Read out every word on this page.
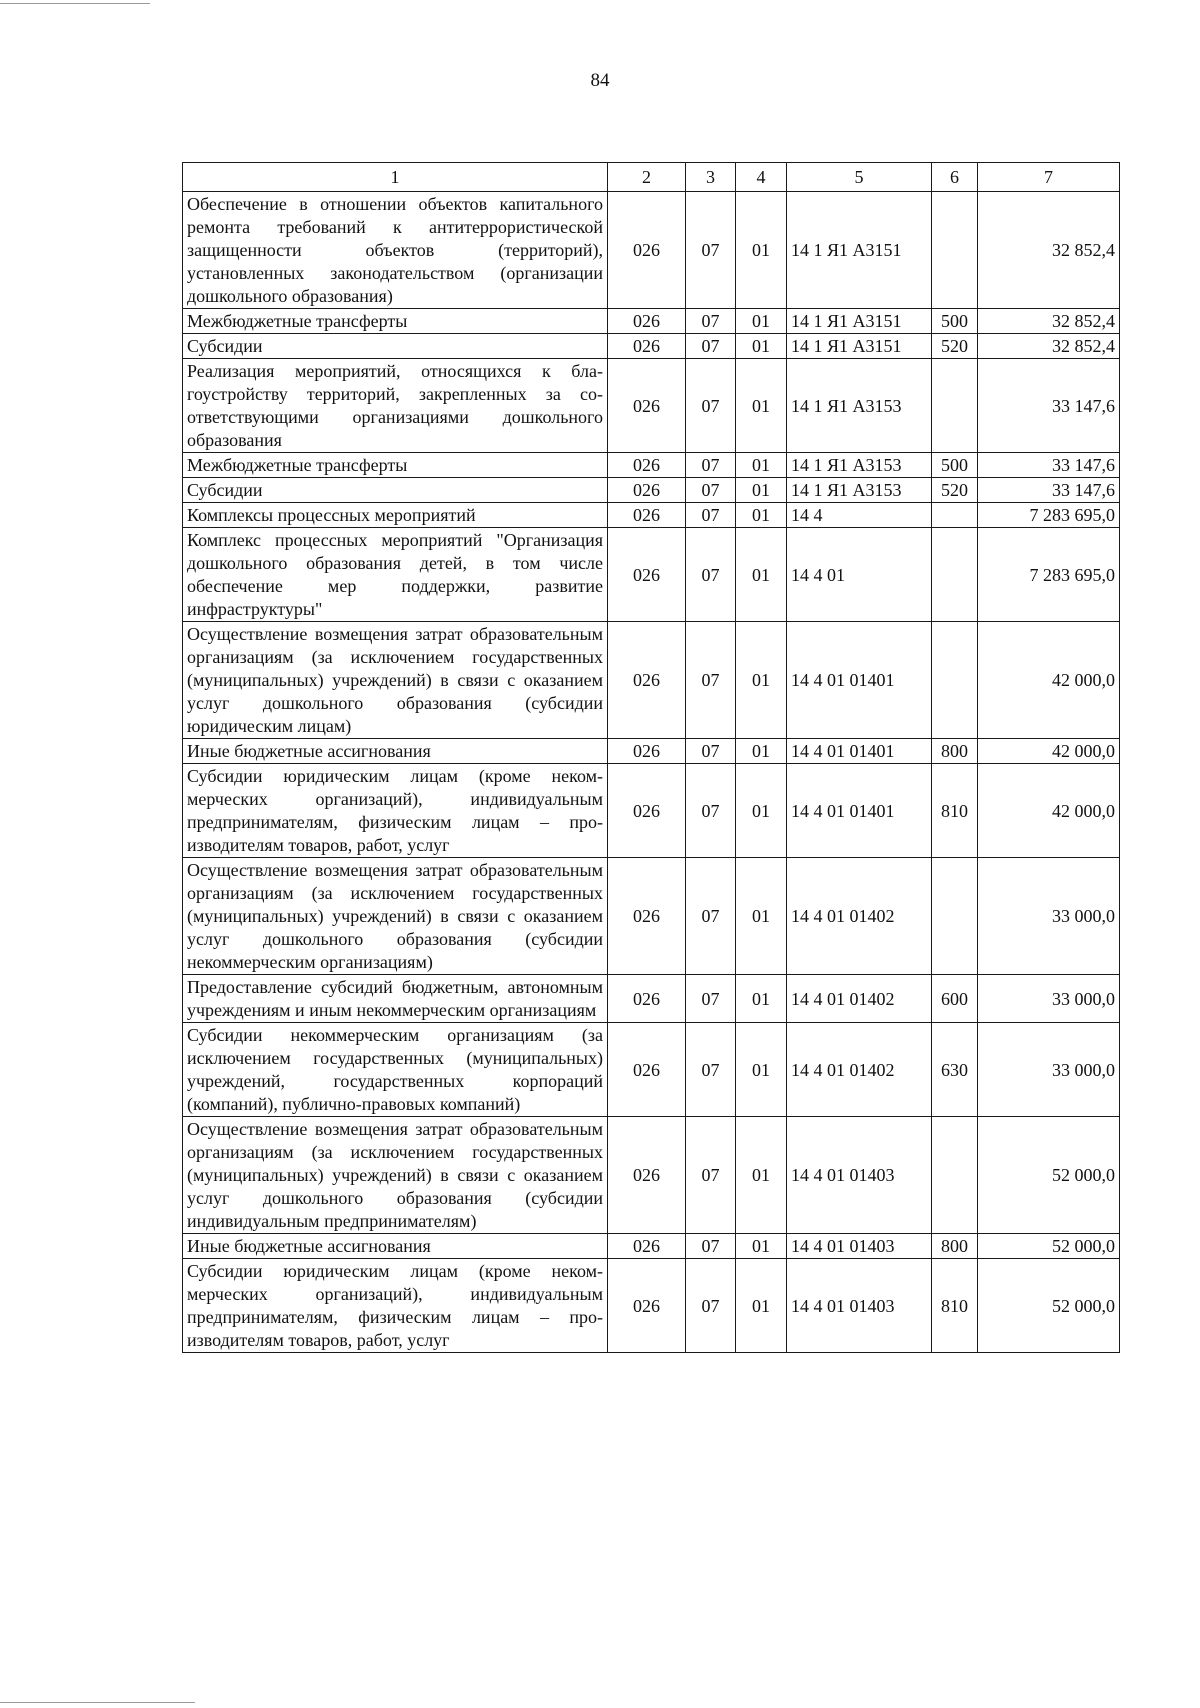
84
1	2	3	4	5	6	7
Обеспечение в отношении объектов капитального ремонта требований к антитеррористической защищенности объектов (территорий), установленных законодательством (организации дошкольного образования)	026	07	01	14 1 Я1 А3151		32 852,4
Межбюджетные трансферты	026	07	01	14 1 Я1 А3151	500	32 852,4
Субсидии	026	07	01	14 1 Я1 А3151	520	32 852,4
Реализация мероприятий, относящихся к благоустройству территорий, закрепленных за соответствующими организациями дошкольного образования	026	07	01	14 1 Я1 А3153		33 147,6
Межбюджетные трансферты	026	07	01	14 1 Я1 А3153	500	33 147,6
Субсидии	026	07	01	14 1 Я1 А3153	520	33 147,6
Комплексы процессных мероприятий	026	07	01	14 4		7 283 695,0
Комплекс процессных мероприятий "Организация дошкольного образования детей, в том числе обеспечение мер поддержки, развитие инфраструктуры"	026	07	01	14 4 01		7 283 695,0
Осуществление возмещения затрат образовательным организациям (за исключением государственных (муниципальных) учреждений) в связи с оказанием услуг дошкольного образования (субсидии юридическим лицам)	026	07	01	14 4 01 01401		42 000,0
Иные бюджетные ассигнования	026	07	01	14 4 01 01401	800	42 000,0
Субсидии юридическим лицам (кроме некоммерческих организаций), индивидуальным предпринимателям, физическим лицам – производителям товаров, работ, услуг	026	07	01	14 4 01 01401	810	42 000,0
Осуществление возмещения затрат образовательным организациям (за исключением государственных (муниципальных) учреждений) в связи с оказанием услуг дошкольного образования (субсидии некоммерческим организациям)	026	07	01	14 4 01 01402		33 000,0
Предоставление субсидий бюджетным, автономным учреждениям и иным некоммерческим организациям	026	07	01	14 4 01 01402	600	33 000,0
Субсидии некоммерческим организациям (за исключением государственных (муниципальных) учреждений, государственных корпораций (компаний), публично-правовых компаний)	026	07	01	14 4 01 01402	630	33 000,0
Осуществление возмещения затрат образовательным организациям (за исключением государственных (муниципальных) учреждений) в связи с оказанием услуг дошкольного образования (субсидии индивидуальным предпринимателям)	026	07	01	14 4 01 01403		52 000,0
Иные бюджетные ассигнования	026	07	01	14 4 01 01403	800	52 000,0
Субсидии юридическим лицам (кроме некоммерческих организаций), индивидуальным предпринимателям, физическим лицам – производителям товаров, работ, услуг	026	07	01	14 4 01 01403	810	52 000,0
